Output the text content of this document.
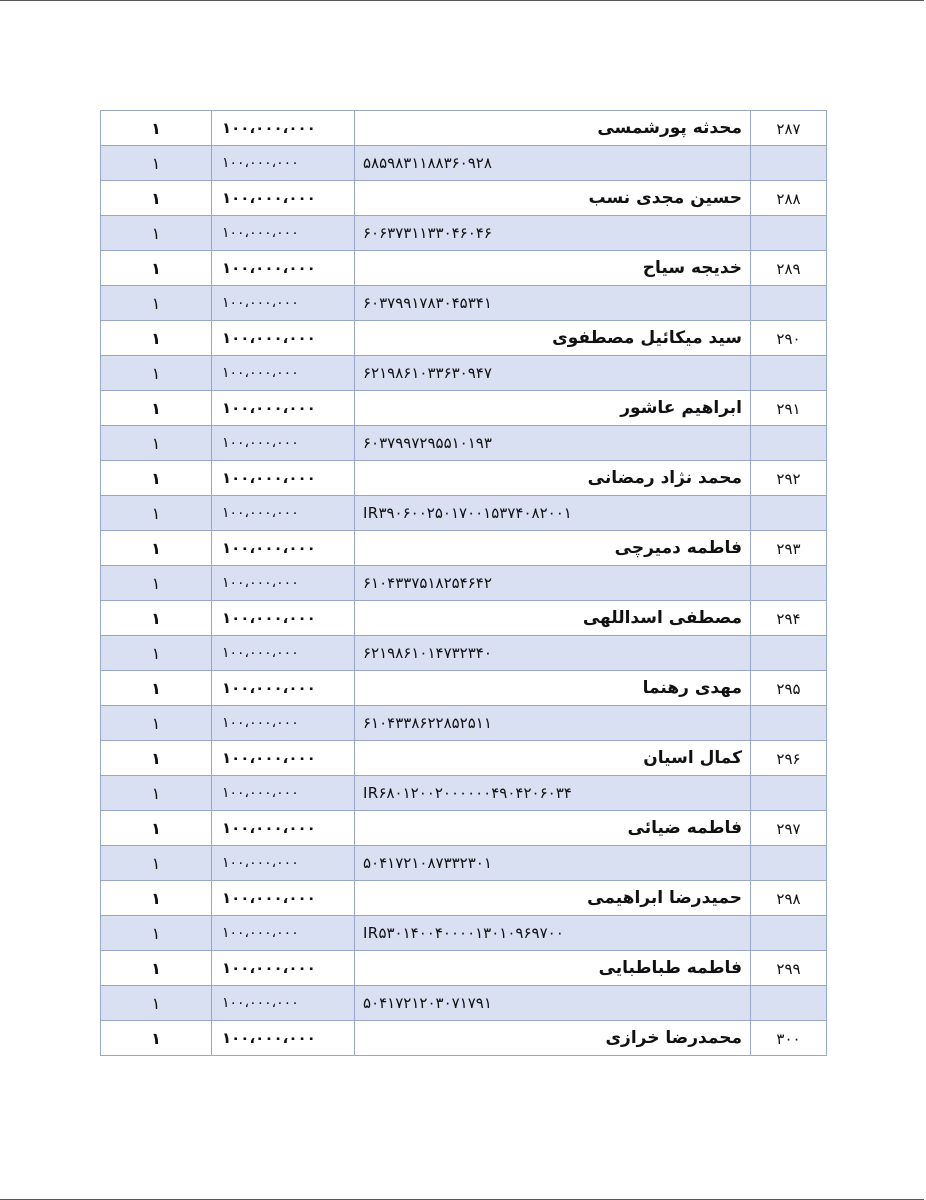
۱	۱۰۰،۰۰۰،۰۰۰	محدثه پورشمسی	۲۸۷
۱	۱۰۰،۰۰۰،۰۰۰	۵۸۵۹۸۳۱۱۸۸۳۶۰۹۲۸	

۱	۱۰۰،۰۰۰،۰۰۰	حسین مجدی نسب	۲۸۸
۱	۱۰۰،۰۰۰،۰۰۰	۶۰۶۳۷۳۱۱۳۳۰۴۶۰۴۶	

۱	۱۰۰،۰۰۰،۰۰۰	خدیجه سیاح	۲۸۹
۱	۱۰۰،۰۰۰،۰۰۰	۶۰۳۷۹۹۱۷۸۳۰۴۵۳۴۱	

۱	۱۰۰،۰۰۰،۰۰۰	سید میکائیل مصطفوی	۲۹۰
۱	۱۰۰،۰۰۰،۰۰۰	۶۲۱۹۸۶۱۰۳۳۶۳۰۹۴۷	

۱	۱۰۰،۰۰۰،۰۰۰	ابراهیم عاشور	۲۹۱
۱	۱۰۰،۰۰۰،۰۰۰	۶۰۳۷۹۹۷۲۹۵۵۱۰۱۹۳	

۱	۱۰۰،۰۰۰،۰۰۰	محمد نژاد رمضانی	۲۹۲
۱	۱۰۰،۰۰۰،۰۰۰	IR۳۹۰۶۰۰۲۵۰۱۷۰۰۱۵۳۷۴۰۸۲۰۰۱	

۱	۱۰۰،۰۰۰،۰۰۰	فاطمه دمیرچی	۲۹۳
۱	۱۰۰،۰۰۰،۰۰۰	۶۱۰۴۳۳۷۵۱۸۲۵۴۶۴۲	

۱	۱۰۰،۰۰۰،۰۰۰	مصطفی اسداللهی	۲۹۴
۱	۱۰۰،۰۰۰،۰۰۰	۶۲۱۹۸۶۱۰۱۴۷۳۲۳۴۰	

۱	۱۰۰،۰۰۰،۰۰۰	مهدی رهنما	۲۹۵
۱	۱۰۰،۰۰۰،۰۰۰	۶۱۰۴۳۳۸۶۲۲۸۵۲۵۱۱	

۱	۱۰۰،۰۰۰،۰۰۰	کمال اسیان	۲۹۶
۱	۱۰۰،۰۰۰،۰۰۰	IR۶۸۰۱۲۰۰۲۰۰۰۰۰۰۴۹۰۴۲۰۶۰۳۴	

۱	۱۰۰،۰۰۰،۰۰۰	فاطمه ضیائی	۲۹۷
۱	۱۰۰،۰۰۰،۰۰۰	۵۰۴۱۷۲۱۰۸۷۳۳۲۳۰۱	

۱	۱۰۰،۰۰۰،۰۰۰	حمیدرضا ابراهیمی	۲۹۸
۱	۱۰۰،۰۰۰،۰۰۰	IR۵۳۰۱۴۰۰۴۰۰۰۰۱۳۰۱۰۹۶۹۷۰۰	

۱	۱۰۰،۰۰۰،۰۰۰	فاطمه طباطبایی	۲۹۹
۱	۱۰۰،۰۰۰،۰۰۰	۵۰۴۱۷۲۱۲۰۳۰۷۱۷۹۱	

۱	۱۰۰،۰۰۰،۰۰۰	محمدرضا خرازی	۳۰۰
